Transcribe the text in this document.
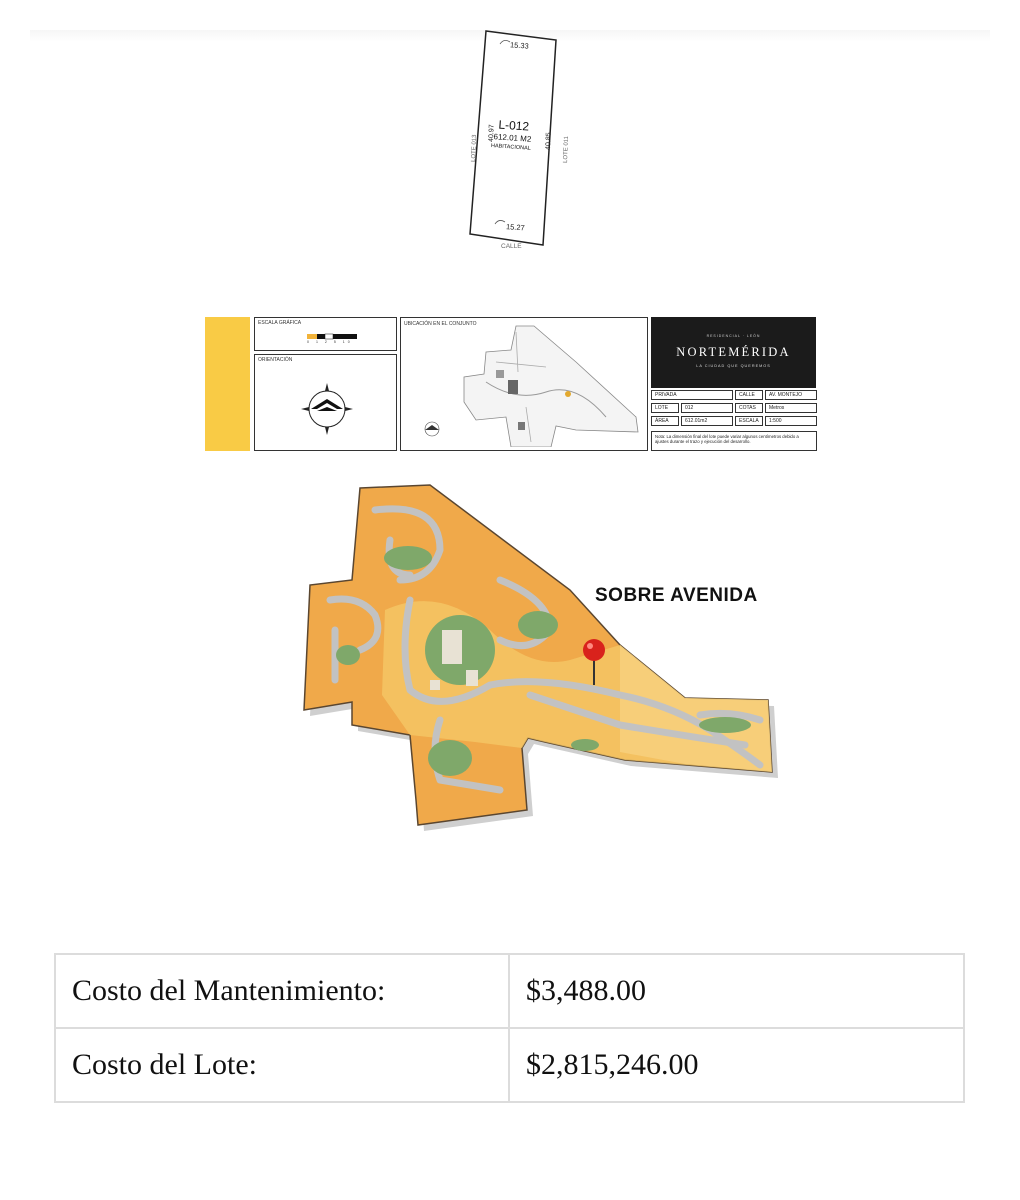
15.33
15.27
L-012
612.01 M2
HABITACIONAL
40.97	40.85
LOTE 013	LOTE 011
CALLE
ESCALA GRÁFICA
0 1 2 5 10
ORIENTACIÓN
UBICACIÓN EN EL CONJUNTO
RESIDENCIAL · LEÓN
NORTEMÉRIDA
LA CIUDAD QUE QUEREMOS
PRIVADA	CALLE	AV. MONTEJO
LOTE	012	COTAS	Metros
ÁREA	612.01m2	ESCALA	1:500
Nota: La dimensión final del lote puede variar algunos centímetros debido a ajustes durante el trazo y ejecución del desarrollo.
SOBRE AVENIDA
Costo del Mantenimiento:	$3,488.00
Costo del Lote:	$2,815,246.00
